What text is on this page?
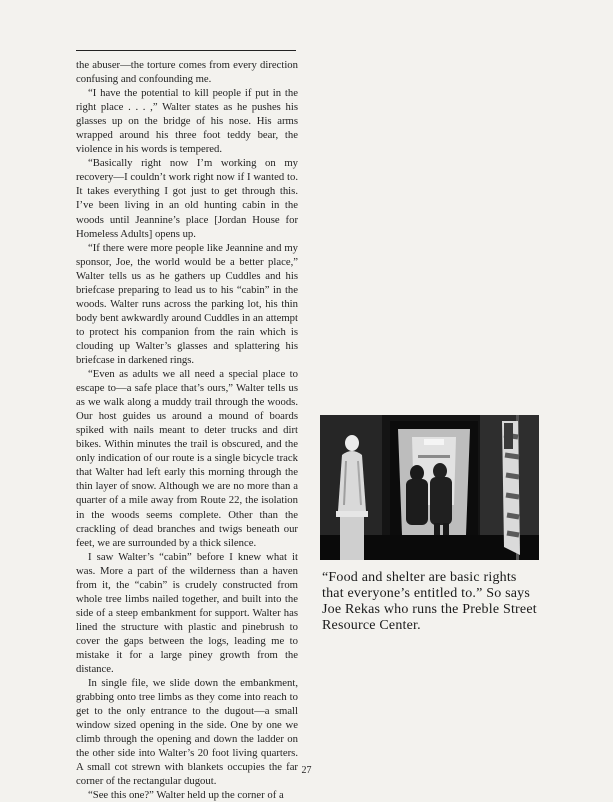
the abuser—the torture comes from every direction confusing and confounding me.

“I have the potential to kill people if put in the right place . . . ,” Walter states as he pushes his glasses up on the bridge of his nose. His arms wrapped around his three foot teddy bear, the violence in his words is tempered.

“Basically right now I’m working on my recovery—I couldn’t work right now if I wanted to. It takes everything I got just to get through this. I’ve been living in an old hunting cabin in the woods until Jeannine’s place [Jordan House for Homeless Adults] opens up.

“If there were more people like Jeannine and my sponsor, Joe, the world would be a better place,” Walter tells us as he gathers up Cuddles and his briefcase preparing to lead us to his “cabin” in the woods. Walter runs across the parking lot, his thin body bent awkwardly around Cuddles in an attempt to protect his companion from the rain which is clouding up Walter’s glasses and splattering his briefcase in darkened rings.

“Even as adults we all need a special place to escape to—a safe place that’s ours,” Walter tells us as we walk along a muddy trail through the woods. Our host guides us around a mound of boards spiked with nails meant to deter trucks and dirt bikes. Within minutes the trail is obscured, and the only indication of our route is a single bicycle track that Walter had left early this morning through the thin layer of snow. Although we are no more than a quarter of a mile away from Route 22, the isolation in the woods seems complete. Other than the crackling of dead branches and twigs beneath our feet, we are surrounded by a thick silence.

I saw Walter’s “cabin” before I knew what it was. More a part of the wilderness than a haven from it, the “cabin” is crudely constructed from whole tree limbs nailed together, and built into the side of a steep embankment for support. Walter has lined the structure with plastic and pinebrush to cover the gaps between the logs, leading me to mistake it for a large piney growth from the distance.

In single file, we slide down the embankment, grabbing onto tree limbs as they come into reach to get to the only entrance to the dugout—a small window sized opening in the side. One by one we climb through the opening and down the ladder on the other side into Walter’s 20 foot living quarters. A small cot strewn with blankets occupies the far corner of the rectangular dugout.

“See this one?” Walter held up the corner of a

“Food and shelter are basic rights that everyone’s entitled to.” So says Joe Rekas who runs the Preble Street Resource Center.
27
